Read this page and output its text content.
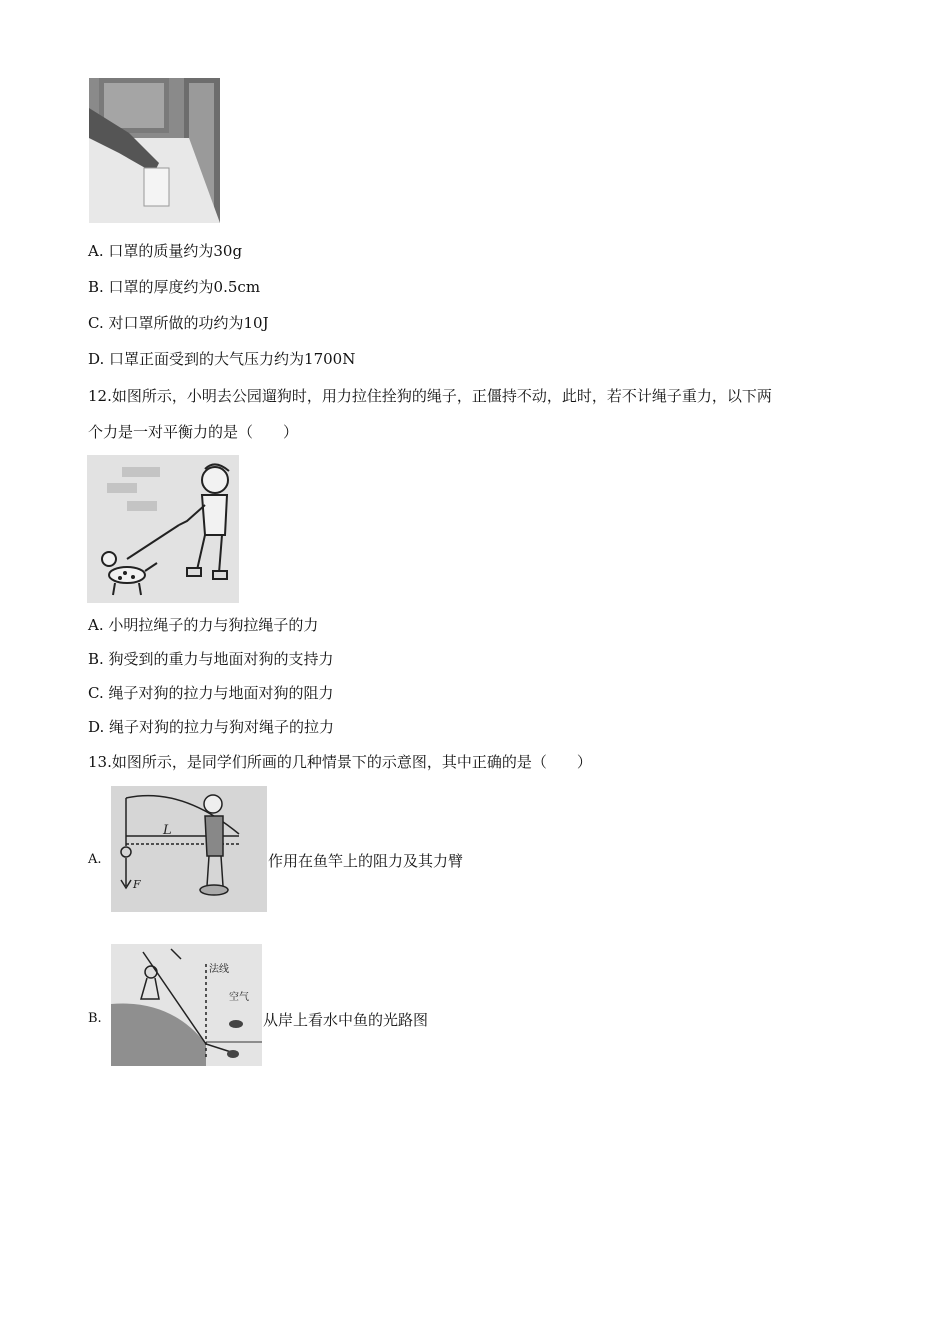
A. 口罩的质量约为30g
B. 口罩的厚度约为0.5cm
C. 对口罩所做的功约为10J
D. 口罩正面受到的大气压力约为1700N
12.如图所示，小明去公园遛狗时，用力拉住拴狗的绳子，正僵持不动，此时，若不计绳子重力，以下两
个力是一对平衡力的是（　　）
A. 小明拉绳子的力与狗拉绳子的力
B. 狗受到的重力与地面对狗的支持力
C. 绳子对狗的拉力与地面对狗的阻力
D. 绳子对狗的拉力与狗对绳子的拉力
13.如图所示，是同学们所画的几种情景下的示意图，其中正确的是（　　）
A.
L
F
作用在鱼竿上的阻力及其力臂
B.
法线
空气
从岸上看水中鱼的光路图
